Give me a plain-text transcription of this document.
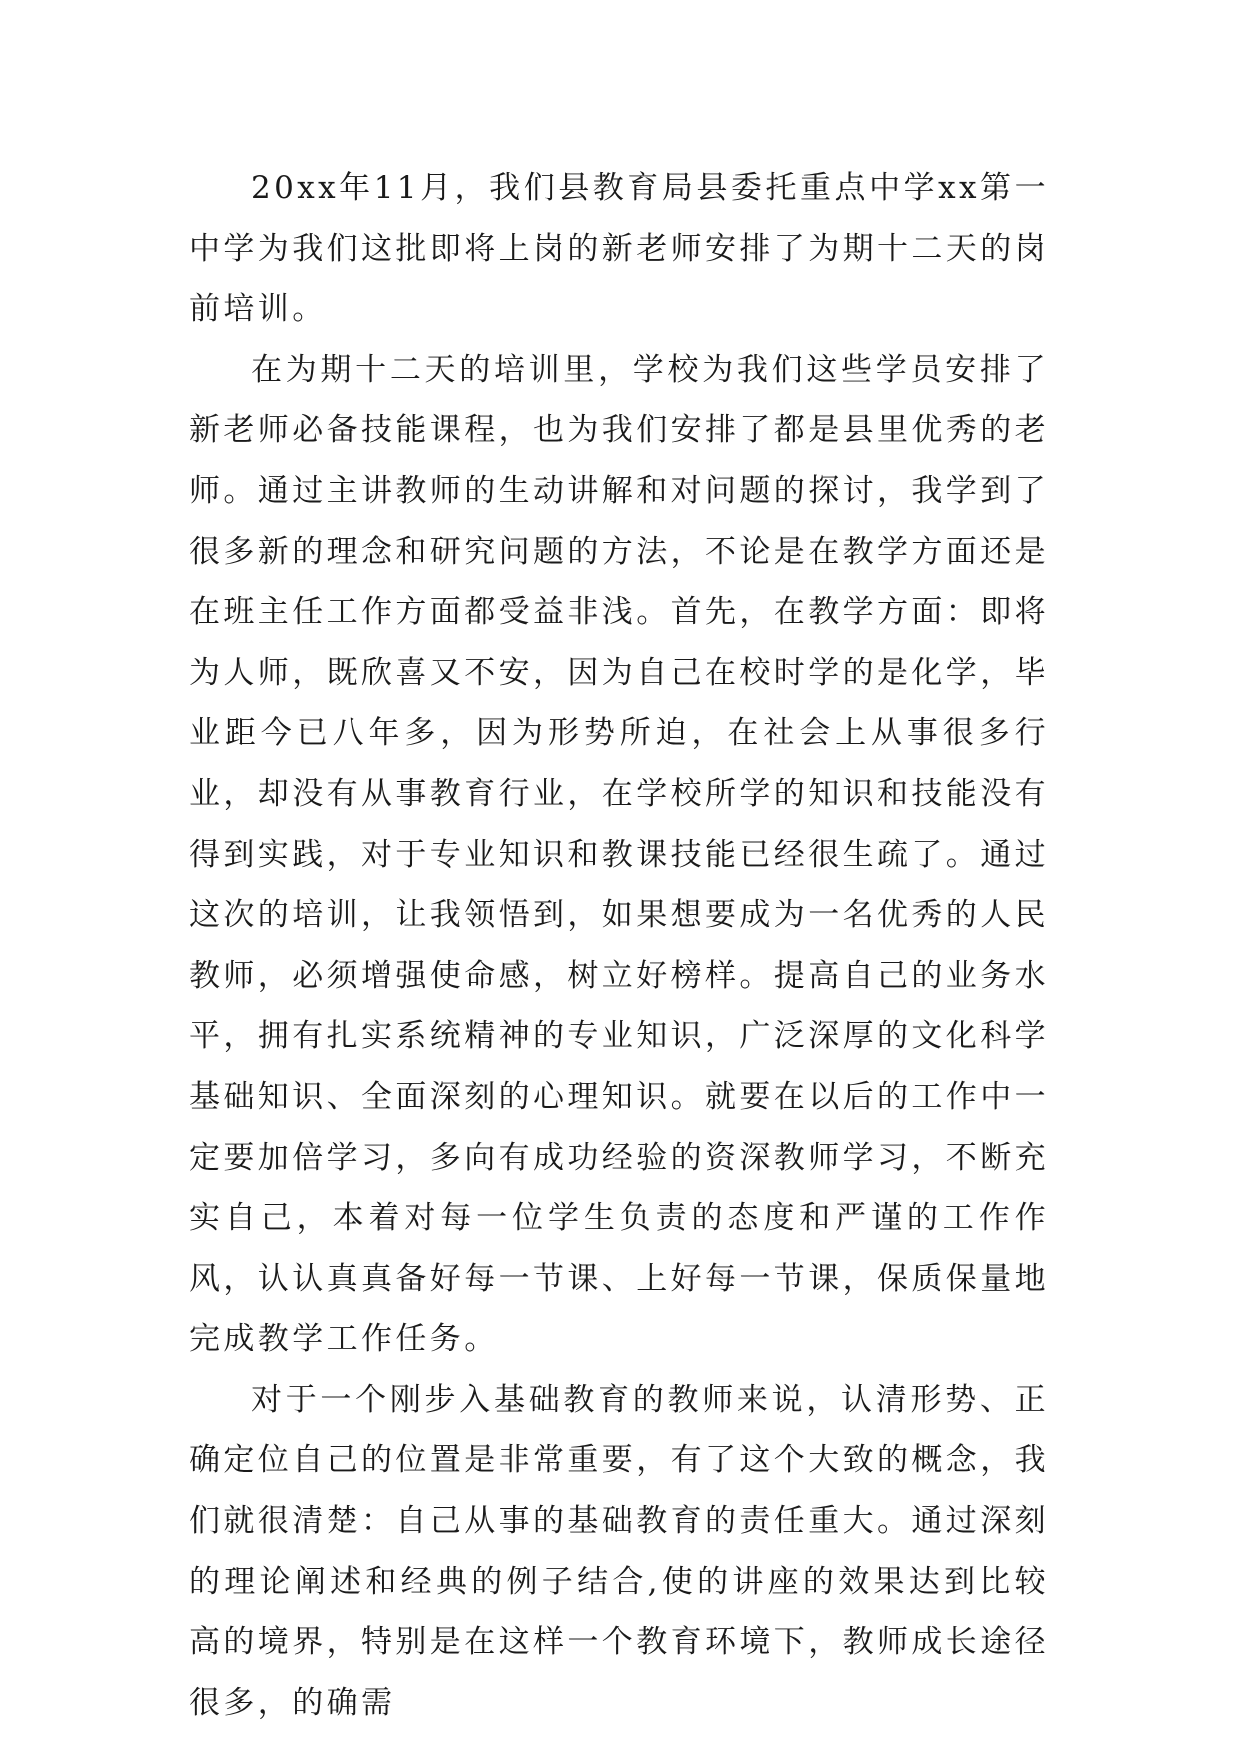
20xx年11月，我们县教育局县委托重点中学xx第一中学为我们这批即将上岗的新老师安排了为期十二天的岗前培训。

在为期十二天的培训里，学校为我们这些学员安排了新老师必备技能课程，也为我们安排了都是县里优秀的老师。通过主讲教师的生动讲解和对问题的探讨，我学到了很多新的理念和研究问题的方法，不论是在教学方面还是在班主任工作方面都受益非浅。首先，在教学方面：即将为人师，既欣喜又不安，因为自己在校时学的是化学，毕业距今已八年多，因为形势所迫，在社会上从事很多行业，却没有从事教育行业，在学校所学的知识和技能没有得到实践，对于专业知识和教课技能已经很生疏了。通过这次的培训，让我领悟到，如果想要成为一名优秀的人民教师，必须增强使命感，树立好榜样。提高自己的业务水平，拥有扎实系统精神的专业知识，广泛深厚的文化科学基础知识、全面深刻的心理知识。就要在以后的工作中一定要加倍学习，多向有成功经验的资深教师学习，不断充实自己，本着对每一位学生负责的态度和严谨的工作作风，认认真真备好每一节课、上好每一节课，保质保量地完成教学工作任务。

对于一个刚步入基础教育的教师来说，认清形势、正确定位自己的位置是非常重要，有了这个大致的概念，我们就很清楚：自己从事的基础教育的责任重大。通过深刻的理论阐述和经典的例子结合,使的讲座的效果达到比较高的境界，特别是在这样一个教育环境下，教师成长途径很多，的确需
